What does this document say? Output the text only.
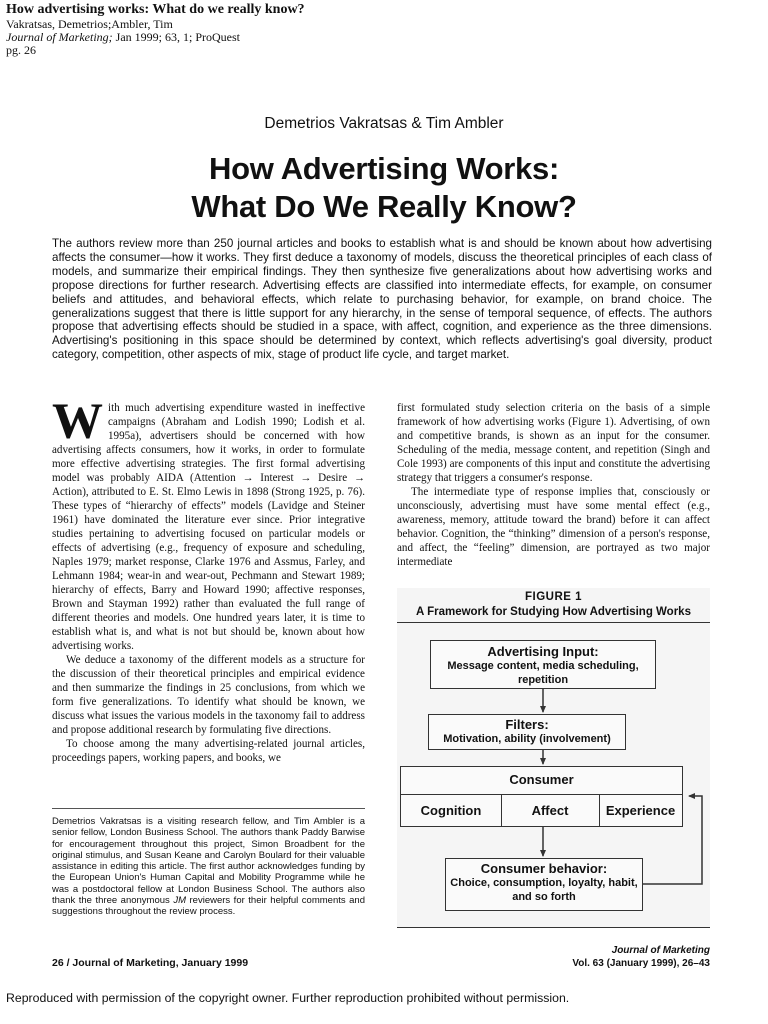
How advertising works: What do we really know?
Vakratsas, Demetrios;Ambler, Tim
Journal of Marketing; Jan 1999; 63, 1; ProQuest
pg. 26
Demetrios Vakratsas & Tim Ambler
How Advertising Works:
What Do We Really Know?

The authors review more than 250 journal articles and books to establish what is and should be known about how advertising affects the consumer—how it works. They first deduce a taxonomy of models, discuss the theoretical principles of each class of models, and summarize their empirical findings. They then synthesize five generalizations about how advertising works and propose directions for further research. Advertising effects are classified into intermediate effects, for example, on consumer beliefs and attitudes, and behavioral effects, which relate to purchasing behavior, for example, on brand choice. The generalizations suggest that there is little support for any hierarchy, in the sense of temporal sequence, of effects. The authors propose that advertising effects should be studied in a space, with affect, cognition, and experience as the three dimensions. Advertising's positioning in this space should be determined by context, which reflects advertising's goal diversity, product category, competition, other aspects of mix, stage of product life cycle, and target market.

With much advertising expenditure wasted in ineffective campaigns (Abraham and Lodish 1990; Lodish et al. 1995a), advertisers should be concerned with how advertising affects consumers, how it works, in order to formulate more effective advertising strategies. The first formal advertising model was probably AIDA (Attention → Interest → Desire → Action), attributed to E. St. Elmo Lewis in 1898 (Strong 1925, p. 76). These types of “hierarchy of effects” models (Lavidge and Steiner 1961) have dominated the literature ever since. Prior integrative studies pertaining to advertising focused on particular models or effects of advertising (e.g., frequency of exposure and scheduling, Naples 1979; market response, Clarke 1976 and Assmus, Farley, and Lehmann 1984; wear-in and wear-out, Pechmann and Stewart 1989; hierarchy of effects, Barry and Howard 1990; affective responses, Brown and Stayman 1992) rather than evaluated the full range of different theories and models. One hundred years later, it is time to establish what is, and what is not but should be, known about how advertising works.

We deduce a taxonomy of the different models as a structure for the discussion of their theoretical principles and empirical evidence and then summarize the findings in 25 conclusions, from which we form five generalizations. To identify what should be known, we discuss what issues the various models in the taxonomy fail to address and propose additional research by formulating five directions.

To choose among the many advertising-related journal articles, proceedings papers, working papers, and books, we

Demetrios Vakratsas is a visiting research fellow, and Tim Ambler is a senior fellow, London Business School. The authors thank Paddy Barwise for encouragement throughout this project, Simon Broadbent for the original stimulus, and Susan Keane and Carolyn Boulard for their valuable assistance in editing this article. The first author acknowledges funding by the European Union's Human Capital and Mobility Programme while he was a postdoctoral fellow at London Business School. The authors also thank the three anonymous JM reviewers for their helpful comments and suggestions throughout the review process.

first formulated study selection criteria on the basis of a simple framework of how advertising works (Figure 1). Advertising, of own and competitive brands, is shown as an input for the consumer. Scheduling of the media, message content, and repetition (Singh and Cole 1993) are components of this input and constitute the advertising strategy that triggers a consumer's response.

The intermediate type of response implies that, consciously or unconsciously, advertising must have some mental effect (e.g., awareness, memory, attitude toward the brand) before it can affect behavior. Cognition, the “thinking” dimension of a person's response, and affect, the “feeling” dimension, are portrayed as two major intermediate

FIGURE 1
A Framework for Studying How Advertising Works
Advertising Input:
Message content, media scheduling, repetition
Filters:
Motivation, ability (involvement)
Consumer
Cognition	Affect	Experience
Consumer behavior:
Choice, consumption, loyalty, habit, and so forth
26 / Journal of Marketing, January 1999
Journal of Marketing
Vol. 63 (January 1999), 26–43
Reproduced with permission of the copyright owner. Further reproduction prohibited without permission.
